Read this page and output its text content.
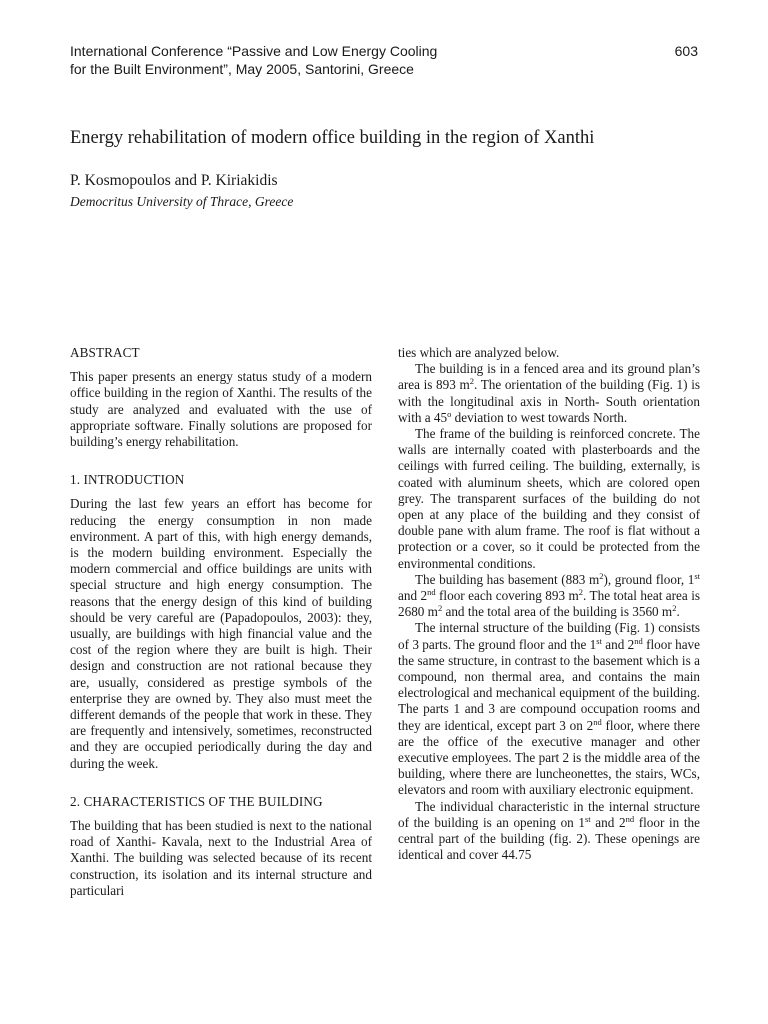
International Conference “Passive and Low Energy Cooling
for the Built Environment”, May 2005, Santorini, Greece
603
Energy rehabilitation of modern office building in the region of Xanthi
P. Kosmopoulos and P. Kiriakidis
Democritus University of Thrace, Greece
ABSTRACT

This paper presents an energy status study of a modern office building in the region of Xanthi. The results of the study are analyzed and evaluated with the use of appropriate software. Finally solutions are proposed for building’s energy rehabilitation.

1. INTRODUCTION

During the last few years an effort has become for reducing the energy consumption in non made environment. A part of this, with high energy demands, is the modern building environment. Especially the modern commercial and office buildings are units with special structure and high energy consumption. The reasons that the energy design of this kind of building should be very careful are (Papadopoulos, 2003): they, usually, are buildings with high financial value and the cost of the region where they are built is high. Their design and construction are not rational because they are, usually, considered as prestige symbols of the enterprise they are owned by. They also must meet the different demands of the people that work in these. They are frequently and intensively, sometimes, reconstructed and they are occupied periodically during the day and during the week.

2. CHARACTERISTICS OF THE BUILDING

The building that has been studied is next to the national road of Xanthi- Kavala, next to the Industrial Area of Xanthi. The building was selected because of its recent construction, its isolation and its internal structure and particulari

ties which are analyzed below.

The building is in a fenced area and its ground plan’s area is 893 $m^2$. The orientation of the building (Fig. 1) is with the longitudinal axis in North- South orientation with a 45$^o$ deviation to west towards North.

The frame of the building is reinforced concrete. The walls are internally coated with plasterboards and the ceilings with furred ceiling. The building, externally, is coated with aluminum sheets, which are colored open grey. The transparent surfaces of the building do not open at any place of the building and they consist of double pane with alum frame. The roof is flat without a protection or a cover, so it could be protected from the environmental conditions.

The building has basement (883 $m^2$), ground floor, 1st and 2nd floor each covering 893 $m^2$. The total heat area is 2680 $m^2$ and the total area of the building is 3560 $m^2$.

The internal structure of the building (Fig. 1) consists of 3 parts. The ground floor and the 1st and 2nd floor have the same structure, in contrast to the basement which is a compound, non thermal area, and contains the main electrological and mechanical equipment of the building. The parts 1 and 3 are compound occupation rooms and they are identical, except part 3 on 2nd floor, where there are the office of the executive manager and other executive employees. The part 2 is the middle area of the building, where there are luncheonettes, the stairs, WCs, elevators and room with auxiliary electronic equipment.

The individual characteristic in the internal structure of the building is an opening on 1st and 2nd floor in the central part of the building (fig. 2). These openings are identical and cover 44.75
